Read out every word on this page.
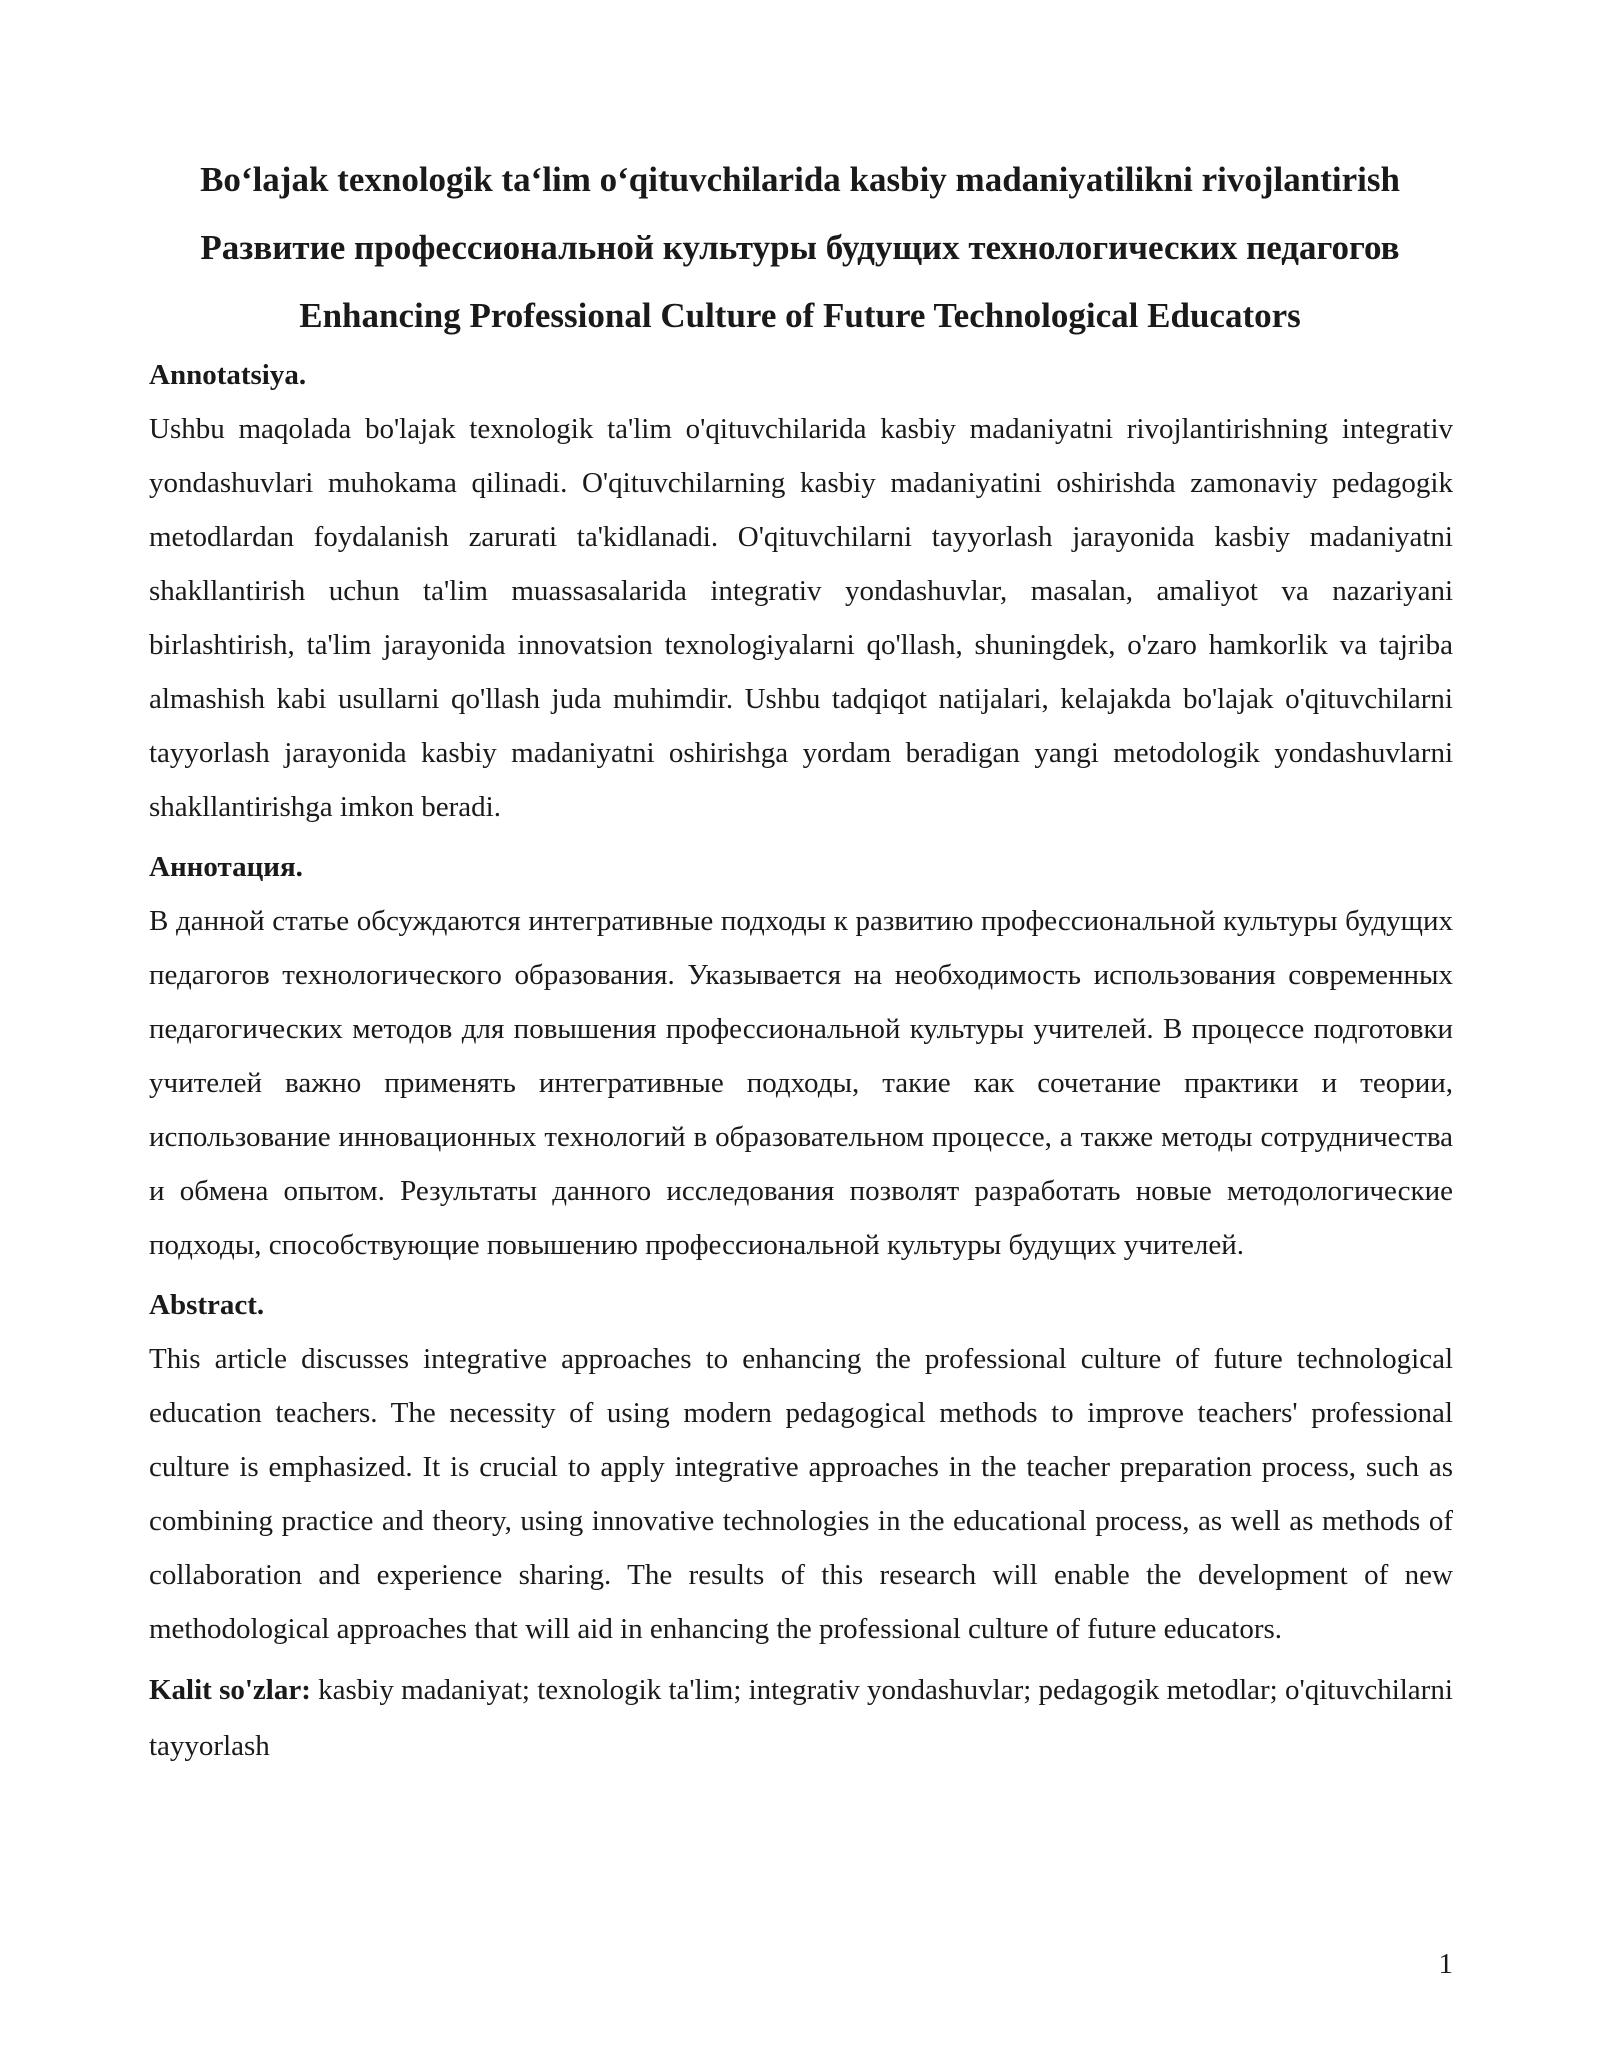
Boʻlajak texnologik taʻlim oʻqituvchilarida kasbiy madaniyatilikni rivojlantirish

Развитие профессиональной культуры будущих технологических педагогов

Enhancing Professional Culture of Future Technological Educators

Annotatsiya.

Ushbu maqolada bo'lajak texnologik ta'lim o'qituvchilarida kasbiy madaniyatni rivojlantirishning integrativ yondashuvlari muhokama qilinadi. O'qituvchilarning kasbiy madaniyatini oshirishda zamonaviy pedagogik metodlardan foydalanish zarurati ta'kidlanadi. O'qituvchilarni tayyorlash jarayonida kasbiy madaniyatni shakllantirish uchun ta'lim muassasalarida integrativ yondashuvlar, masalan, amaliyot va nazariyani birlashtirish, ta'lim jarayonida innovatsion texnologiyalarni qo'llash, shuningdek, o'zaro hamkorlik va tajriba almashish kabi usullarni qo'llash juda muhimdir. Ushbu tadqiqot natijalari, kelajakda bo'lajak o'qituvchilarni tayyorlash jarayonida kasbiy madaniyatni oshirishga yordam beradigan yangi metodologik yondashuvlarni shakllantirishga imkon beradi.

Аннотация.

В данной статье обсуждаются интегративные подходы к развитию профессиональной культуры будущих педагогов технологического образования. Указывается на необходимость использования современных педагогических методов для повышения профессиональной культуры учителей. В процессе подготовки учителей важно применять интегративные подходы, такие как сочетание практики и теории, использование инновационных технологий в образовательном процессе, а также методы сотрудничества и обмена опытом. Результаты данного исследования позволят разработать новые методологические подходы, способствующие повышению профессиональной культуры будущих учителей.

Abstract.

This article discusses integrative approaches to enhancing the professional culture of future technological education teachers. The necessity of using modern pedagogical methods to improve teachers' professional culture is emphasized. It is crucial to apply integrative approaches in the teacher preparation process, such as combining practice and theory, using innovative technologies in the educational process, as well as methods of collaboration and experience sharing. The results of this research will enable the development of new methodological approaches that will aid in enhancing the professional culture of future educators.

Kalit so'zlar: kasbiy madaniyat; texnologik ta'lim; integrativ yondashuvlar; pedagogik metodlar; o'qituvchilarni tayyorlash

1
